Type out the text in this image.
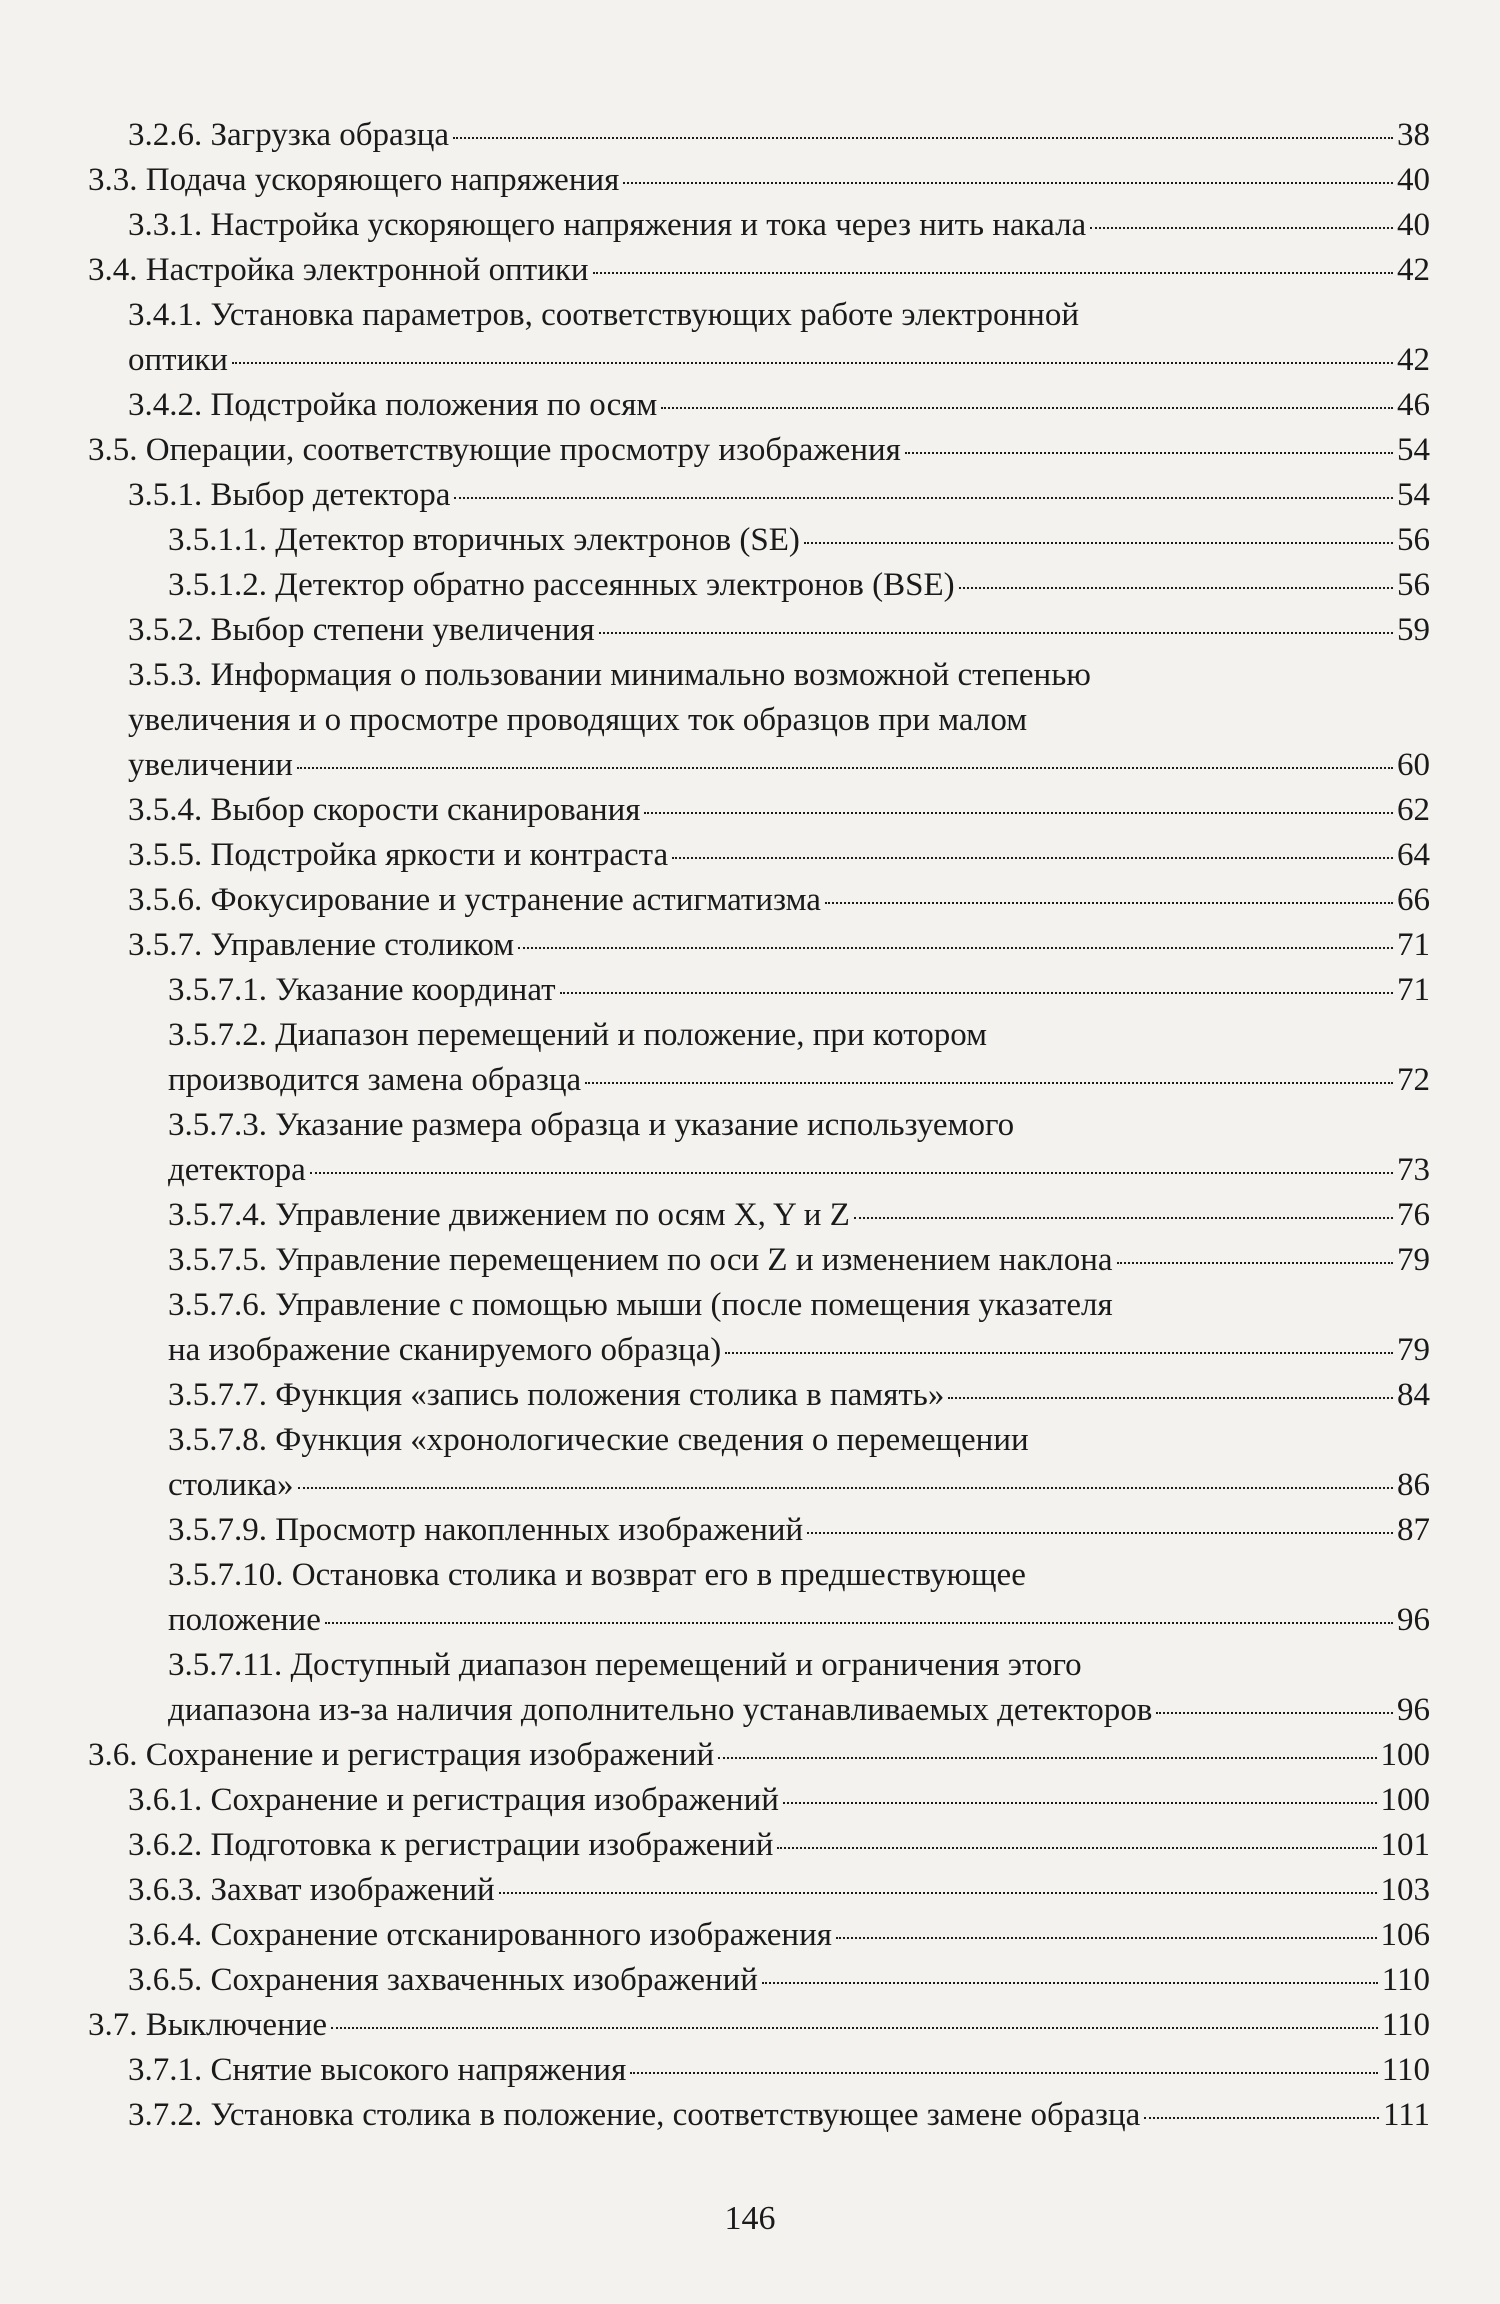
3.2.6. Загрузка образца	38
3.3. Подача ускоряющего напряжения	40
3.3.1. Настройка ускоряющего напряжения и тока через нить накала	40
3.4. Настройка электронной оптики	42
3.4.1. Установка параметров, соответствующих работе электронной
оптики	42
3.4.2. Подстройка положения по осям	46
3.5. Операции, соответствующие просмотру изображения	54
3.5.1. Выбор детектора	54
3.5.1.1. Детектор вторичных электронов (SE)	56
3.5.1.2. Детектор обратно рассеянных электронов (BSE)	56
3.5.2. Выбор степени увеличения	59
3.5.3. Информация о пользовании минимально возможной степенью
увеличения и о просмотре проводящих ток образцов при малом
увеличении	60
3.5.4. Выбор скорости сканирования	62
3.5.5. Подстройка яркости и контраста	64
3.5.6. Фокусирование и устранение астигматизма	66
3.5.7. Управление столиком	71
3.5.7.1. Указание координат	71
3.5.7.2. Диапазон перемещений и положение, при котором
производится замена образца	72
3.5.7.3. Указание размера образца и указание используемого
детектора	73
3.5.7.4. Управление движением по осям X, Y и Z	76
3.5.7.5. Управление перемещением по оси Z и изменением наклона	79
3.5.7.6. Управление с помощью мыши (после помещения указателя
на изображение сканируемого образца)	79
3.5.7.7. Функция «запись положения столика в память»	84
3.5.7.8. Функция «хронологические сведения о перемещении
столика»	86
3.5.7.9. Просмотр накопленных изображений	87
3.5.7.10. Остановка столика и возврат его в предшествующее
положение	96
3.5.7.11. Доступный диапазон перемещений и ограничения этого
диапазона из-за наличия дополнительно устанавливаемых детекторов	96
3.6. Сохранение и регистрация изображений	100
3.6.1. Сохранение и регистрация изображений	100
3.6.2. Подготовка к регистрации изображений	101
3.6.3. Захват изображений	103
3.6.4. Сохранение отсканированного изображения	106
3.6.5. Сохранения захваченных изображений	110
3.7. Выключение	110
3.7.1. Снятие высокого напряжения	110
3.7.2. Установка столика в положение, соответствующее замене образца	111
146
